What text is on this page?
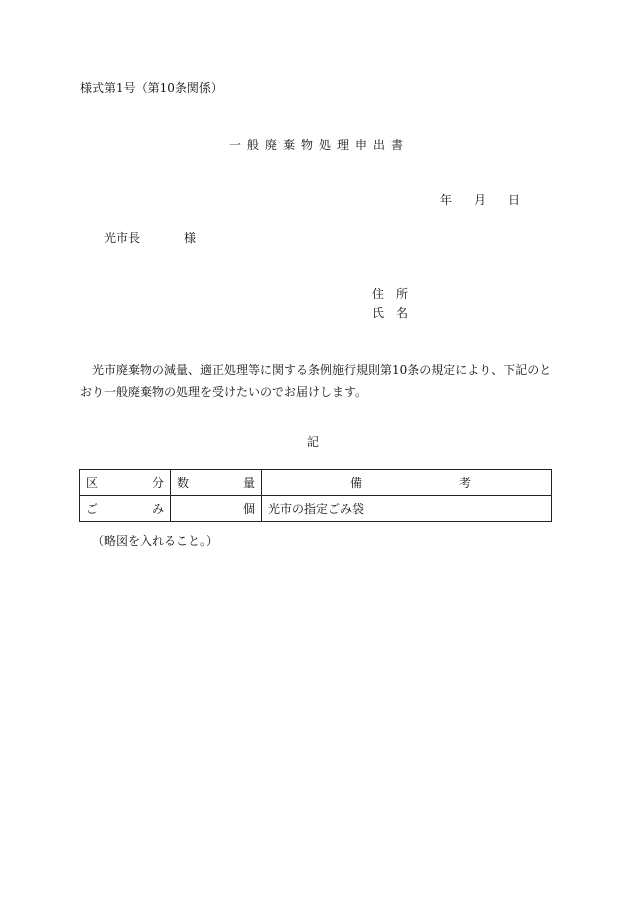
様式第1号（第10条関係）
一般廃棄物処理申出書
年 月 日
光市長	様
住 所
氏 名
光市廃棄物の減量、適正処理等に関する条例施行規則第10条の規定により、下記のとおり一般廃棄物の処理を受けたいのでお届けします。
記
区 分	数 量	備 考

ご み	個	光市の指定ごみ袋
（略図を入れること。）
